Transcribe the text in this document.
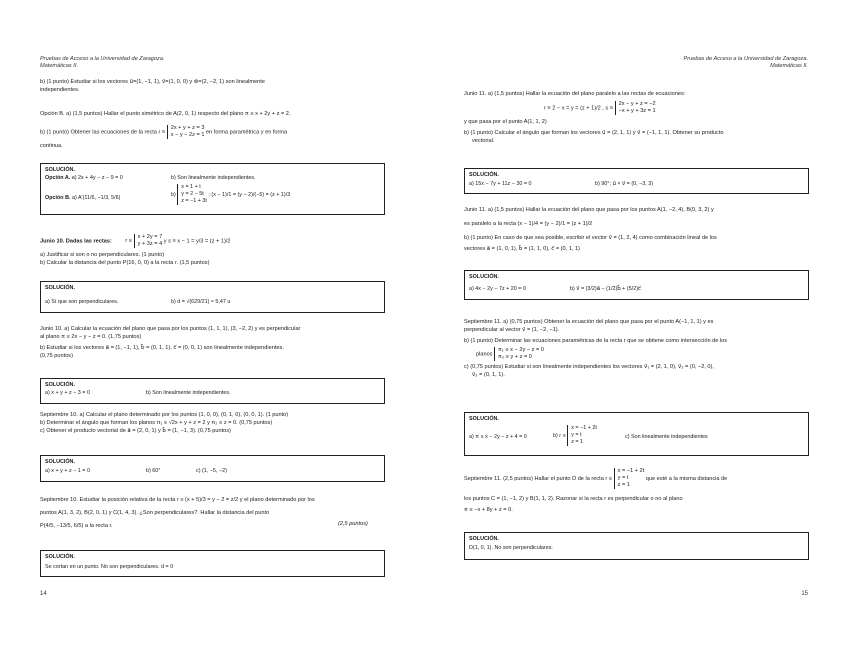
Pruebas de Acceso a la Universidad de Zaragoza.
Matemáticas II.
b) (1 punto) Estudiar si los vectores u⃗=(1, −1, 1), v⃗=(1, 0, 0) y w⃗=(2, −2, 1) son linealmente
independientes.
Opción B. a) (1,5 puntos) Hallar el punto simétrico de A(2, 0, 1) respecto del plano π ≡ x + 2y + z = 2.
b) (1 punto) Obtener las ecuaciones de la recta r ≡ 2x + y + z = 3
x − y − 2z = 1 en forma paramétrica y en forma
continua.
SOLUCIÓN.
Opción A. a) 2x + 4y − z − 9 = 0	b) Son linealmente independientes.
Opción B. a) A'(11/6, −1/3, 5/6)
b) x = 1 + t
y = 2 − 5t
z = −1 + 3t ; (x − 1)/1 = (y − 2)/(−5) = (z + 1)/3
Junio 10. Dadas las rectas: r ≡ x + 2y = 7
y + 3z = 4 y s ≡ x − 1 = y/3 = (z + 1)/2
a) Justificar si son o no perpendiculares. (1 punto)
b) Calcular la distancia del punto P(16, 0, 0) a la recta r. (1,5 puntos)
SOLUCIÓN.
a) Sí que son perpendiculares.	b) d = √(629/21) ≈ 5,47 u
Junio 10. a) Calcular la ecuación del plano que pasa por los puntos (1, 1, 1), (3, −2, 2) y es perpendicular
al plano π ≡ 2x − y − z = 0. (1,75 puntos)
b) Estudiar si los vectores a⃗ = (1, −1, 1), b⃗ = (0, 1, 1), c⃗ = (0, 0, 1) son linealmente independientes.
(0,75 puntos)
SOLUCIÓN.
a) x + y + z − 3 = 0	b) Son linealmente independientes.
Septiembre 10. a) Calcular el plano determinado por los puntos (1, 0, 0), (0, 1, 0), (0, 0, 1). (1 punto)
b) Determinar el ángulo que forman los planos π₁ ≡ √2x + y + z = 2 y π₂ ≡ z = 0. (0,75 puntos)
c) Obtener el producto vectorial de a⃗ = (2, 0, 1) y b⃗ = (1, −1, 3). (0,75 puntos)
SOLUCIÓN.
a) x + y + z − 1 = 0	b) 60°	c) (1, −5, −2)
Septiembre 10. Estudiar la posición relativa de la recta r ≡ (x + 5)/3 = y − 2 = z/2 y el plano determinado por los
puntos A(1, 3, 2), B(2, 0, 1) y C(1, 4, 3). ¿Son perpendiculares?. Hallar la distancia del punto
P(4/5, −13/5, 6/5) a la recta r.	(2,5 puntos)
SOLUCIÓN.
Se cortan en un punto. No son perpendiculares. d = 0
14
Pruebas de Acceso a la Universidad de Zaragoza.
Matemáticas II.
Junio 11. a) (1,5 puntos) Hallar la ecuación del plano paralelo a las rectas de ecuaciones:
r ≡ 2 − x = y = (z + 1)/2 , s ≡ 2x − y + z = −2
−x + y + 3z = 1
y que pasa por el punto A(1, 1, 2)
b) (1 punto) Calcular el ángulo que forman los vectores u⃗ = (2, 1, 1) y v⃗ = (−1, 1, 1). Obtener su producto
vectorial.
SOLUCIÓN.
a) 15x − 7y + 11z − 30 = 0	b) 90°; u⃗ × v⃗ = (0, −3, 3)
Junio 11. a) (1,5 puntos) Hallar la ecuación del plano que pasa por los puntos A(1, −2, 4), B(0, 3, 2) y
es paralelo a la recta (x − 1)/4 = (y − 2)/1 = (z + 1)/2
b) (1 punto) En caso de que sea posible, escribir el vector v⃗ = (1, 2, 4) como combinación lineal de los
vectores a⃗ = (1, 0, 1), b⃗ = (1, 1, 0), c⃗ = (0, 1, 1)
SOLUCIÓN.
a) 4x − 2y − 7z + 20 = 0	b) v⃗ = (3/2)a⃗ − (1/2)b⃗ + (5/2)c⃗
Septiembre 11. a) (0,75 puntos) Obtener la ecuación del plano que pasa por el punto A(−1, 1, 1) y es
perpendicular al vector v⃗ = (1, −2, −1).
b) (1 punto) Determinar las ecuaciones paramétricas de la recta r que se obtiene como intersección de los
planos π₁ ≡ x − 2y − z = 0
π₂ ≡ y + z = 0
c) (0,75 puntos) Estudiar si son linealmente independientes los vectores v⃗₁ = (2, 1, 0), v⃗₂ = (0, −2, 0),
v⃗₃ = (0, 1, 1).
SOLUCIÓN.
a) π ≡ x − 2y − z + 4 = 0	b) r ≡ x = −1 + 2t
y = t
z = 1
c) Son linealmente independientes
Septiembre 11. (2,5 puntos) Hallar el punto D de la recta r ≡ x = −1 + 2t
y = t
z = 1 que esté a la misma distancia de
los puntos C = (1, −1, 2) y B(1, 1, 2). Razonar si la recta r es perpendicular o no al plano
π ≡ −x + 8y + z = 0.
SOLUCIÓN.
D(1, 0, 1). No son perpendiculares.
15
